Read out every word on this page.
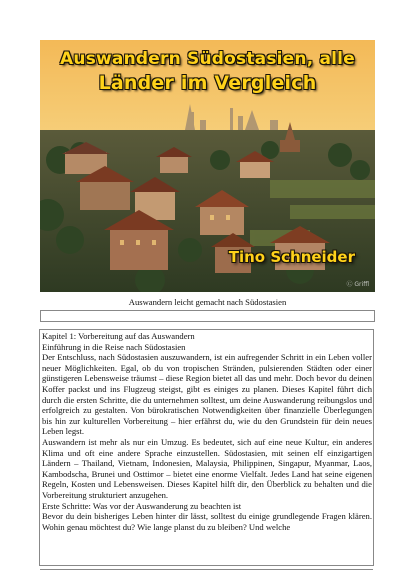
Auswandern Südostasien, alle
Länder im Vergleich
Tino Schneider
Ⓒ Griffl
Auswandern leicht gemacht nach Südostasien

Kapitel 1: Vorbereitung auf das Auswandern

Einführung in die Reise nach Südostasien

Der Entschluss, nach Südostasien auszuwandern, ist ein aufregender Schritt in ein Leben voller neuer Möglichkeiten. Egal, ob du von tropischen Stränden, pulsierenden Städten oder einer günstigeren Lebensweise träumst – diese Region bietet all das und mehr. Doch bevor du deinen Koffer packst und ins Flugzeug steigst, gibt es einiges zu planen. Dieses Kapitel führt dich durch die ersten Schritte, die du unternehmen solltest, um deine Auswanderung reibungslos und erfolgreich zu gestalten. Von bürokratischen Notwendigkeiten über finanzielle Überlegungen bis hin zur kulturellen Vorbereitung – hier erfährst du, wie du den Grundstein für dein neues Leben legst.

Auswandern ist mehr als nur ein Umzug. Es bedeutet, sich auf eine neue Kultur, ein anderes Klima und oft eine andere Sprache einzustellen. Südostasien, mit seinen elf einzigartigen Ländern – Thailand, Vietnam, Indonesien, Malaysia, Philippinen, Singapur, Myanmar, Laos, Kambodscha, Brunei und Osttimor – bietet eine enorme Vielfalt. Jedes Land hat seine eigenen Regeln, Kosten und Lebensweisen. Dieses Kapitel hilft dir, den Überblick zu behalten und die Vorbereitung strukturiert anzugehen.

Erste Schritte: Was vor der Auswanderung zu beachten ist

Bevor du dein bisheriges Leben hinter dir lässt, solltest du einige grundlegende Fragen klären. Wohin genau möchtest du? Wie lange planst du zu bleiben? Und welche
